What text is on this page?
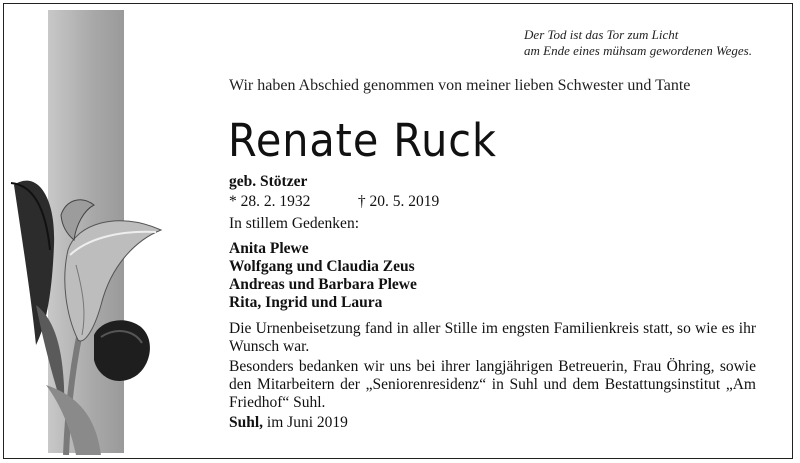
Der Tod ist das Tor zum Licht
am Ende eines mühsam gewordenen Weges.
Wir haben Abschied genommen von meiner lieben Schwester und Tante
Renate Ruck
geb. Stötzer
* 28. 2. 1932	† 20. 5. 2019
In stillem Gedenken:
Anita Plewe
Wolfgang und Claudia Zeus
Andreas und Barbara Plewe
Rita, Ingrid und Laura
Die Urnenbeisetzung fand in aller Stille im engsten Familienkreis statt, so wie es ihr Wunsch war.
Besonders bedanken wir uns bei ihrer langjährigen Betreuerin, Frau Öhring, sowie den Mitarbeitern der „Seniorenresidenz“ in Suhl und dem Bestattungsinstitut „Am Friedhof“ Suhl.
Suhl, im Juni 2019
